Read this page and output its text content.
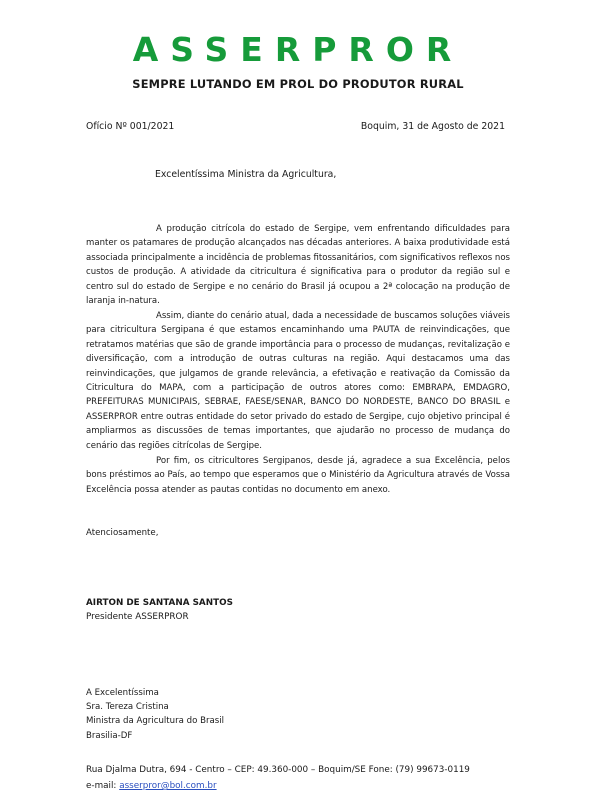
ASSERPROR
SEMPRE LUTANDO EM PROL DO PRODUTOR RURAL
Ofício Nº 001/2021	Boquim, 31 de Agosto de 2021
Excelentíssima Ministra da Agricultura,
A produção citrícola do estado de Sergipe, vem enfrentando dificuldades para manter os patamares de produção alcançados nas décadas anteriores. A baixa produtividade está associada principalmente a incidência de problemas fitossanitários, com significativos reflexos nos custos de produção. A atividade da citricultura é significativa para o produtor da região sul e centro sul do estado de Sergipe e no cenário do Brasil já ocupou a 2ª colocação na produção de laranja in-natura.
Assim, diante do cenário atual, dada a necessidade de buscamos soluções viáveis para citricultura Sergipana é que estamos encaminhando uma PAUTA de reinvindicações, que retratamos matérias que são de grande importância para o processo de mudanças, revitalização e diversificação, com a introdução de outras culturas na região. Aqui destacamos uma das reinvindicações, que julgamos de grande relevância, a efetivação e reativação da Comissão da Citricultura do MAPA, com a participação de outros atores como: EMBRAPA, EMDAGRO, PREFEITURAS MUNICIPAIS, SEBRAE, FAESE/SENAR, BANCO DO NORDESTE, BANCO DO BRASIL e ASSERPROR entre outras entidade do setor privado do estado de Sergipe, cujo objetivo principal é ampliarmos as discussões de temas importantes, que ajudarão no processo de mudança do cenário das regiões citrícolas de Sergipe.
Por fim, os citricultores Sergipanos, desde já, agradece a sua Excelência, pelos bons préstimos ao País, ao tempo que esperamos que o Ministério da Agricultura através de Vossa Excelência possa atender as pautas contidas no documento em anexo.
Atenciosamente,
AIRTON DE SANTANA SANTOS
Presidente ASSERPROR
A Excelentíssima
Sra. Tereza Cristina
Ministra da Agricultura do Brasil
Brasilia-DF
Rua Djalma Dutra, 694 - Centro – CEP: 49.360-000 – Boquim/SE Fone: (79) 99673-0119
e-mail: asserpror@bol.com.br
